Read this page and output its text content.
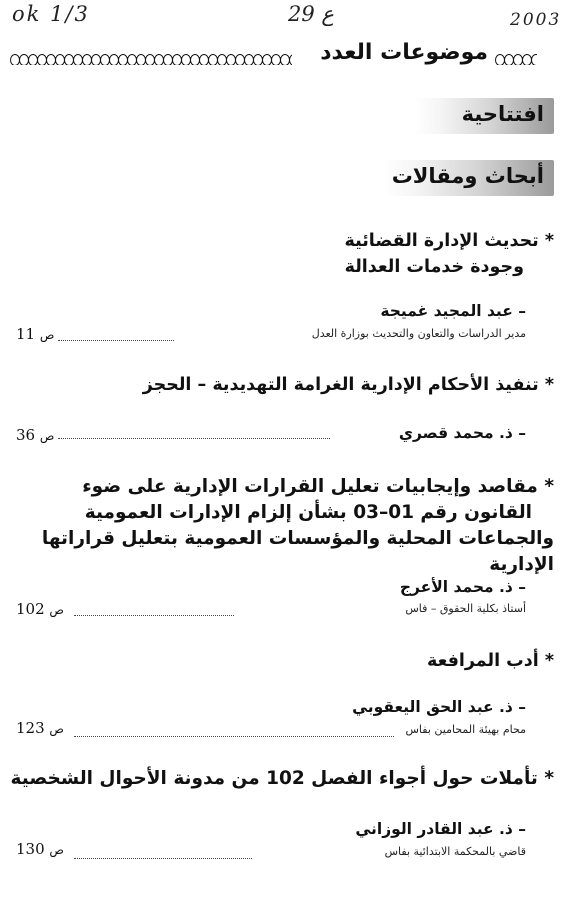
ok 1/3	ع 29	2003
موضوعات العدد
افتتاحية
أبحاث ومقالات

* تحديث الإدارة القضائية
وجودة خدمات العدالة

– عبد المجيد غميجة
مدير الدراسات والتعاون والتحديث بوزارة العدل
11 ص

* تنفيذ الأحكام الإدارية الغرامة التهديدية – الحجز

– ذ. محمد قصري
36 ص

* مقاصد وإيجابيات تعليل القرارات الإدارية على ضوء
القانون رقم 01–03 بشأن إلزام الإدارات العمومية
والجماعات المحلية والمؤسسات العمومية بتعليل قراراتها الإدارية

– ذ. محمد الأعرج
أستاذ بكلية الحقوق – فاس
102 ص

* أدب المرافعة

– ذ. عبد الحق اليعقوبي
محام بهيئة المحامين بفاس
123 ص

* تأملات حول أجواء الفصل 102 من مدونة الأحوال الشخصية

– ذ. عبد القادر الوزاني
قاضي بالمحكمة الابتدائية بفاس
130 ص
